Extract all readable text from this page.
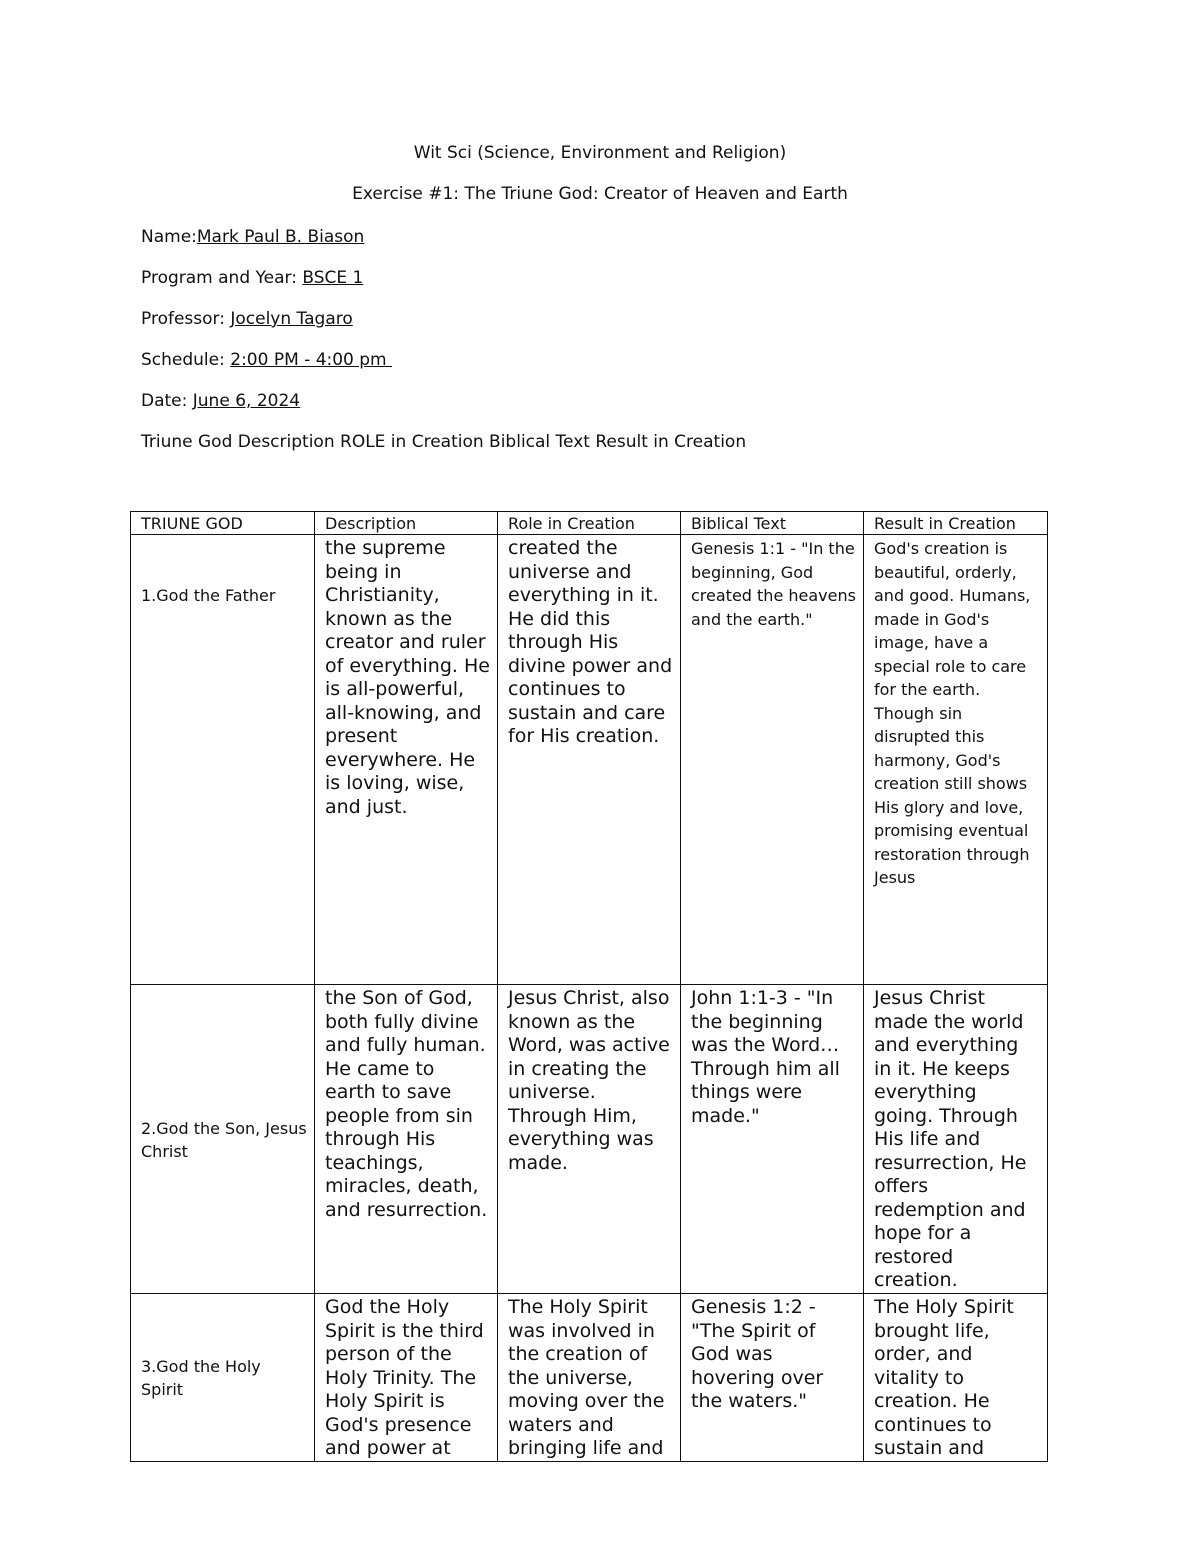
Wit Sci (Science, Environment and Religion)
Exercise #1: The Triune God: Creator of Heaven and Earth
Name:Mark Paul B. Biason
Program and Year: BSCE 1
Professor: Jocelyn Tagaro
Schedule: 2:00 PM - 4:00 pm
Date: June 6, 2024
Triune God Description ROLE in Creation Biblical Text Result in Creation
TRIUNE GOD	Description	Role in Creation	Biblical Text	Result in Creation
1.God the Father	the supreme being in Christianity, known as the creator and ruler of everything. He is all-powerful, all-knowing, and present everywhere. He is loving, wise, and just.	created the universe and everything in it. He did this through His divine power and continues to sustain and care for His creation.	Genesis 1:1 - "In the beginning, God created the heavens and the earth."	God's creation is beautiful, orderly, and good. Humans, made in God's image, have a special role to care for the earth. Though sin disrupted this harmony, God's creation still shows His glory and love, promising eventual restoration through Jesus
2.God the Son, Jesus Christ	the Son of God, both fully divine and fully human. He came to earth to save people from sin through His teachings, miracles, death, and resurrection.	Jesus Christ, also known as the Word, was active in creating the universe. Through Him, everything was made.	John 1:1-3 - "In the beginning was the Word… Through him all things were made."	Jesus Christ made the world and everything in it. He keeps everything going. Through His life and resurrection, He offers redemption and hope for a restored creation.
3.God the Holy Spirit	God the Holy Spirit is the third person of the Holy Trinity. The Holy Spirit is God's presence and power at	The Holy Spirit was involved in the creation of the universe, moving over the waters and bringing life and	Genesis 1:2 - "The Spirit of God was hovering over the waters."	The Holy Spirit brought life, order, and vitality to creation. He continues to sustain and
